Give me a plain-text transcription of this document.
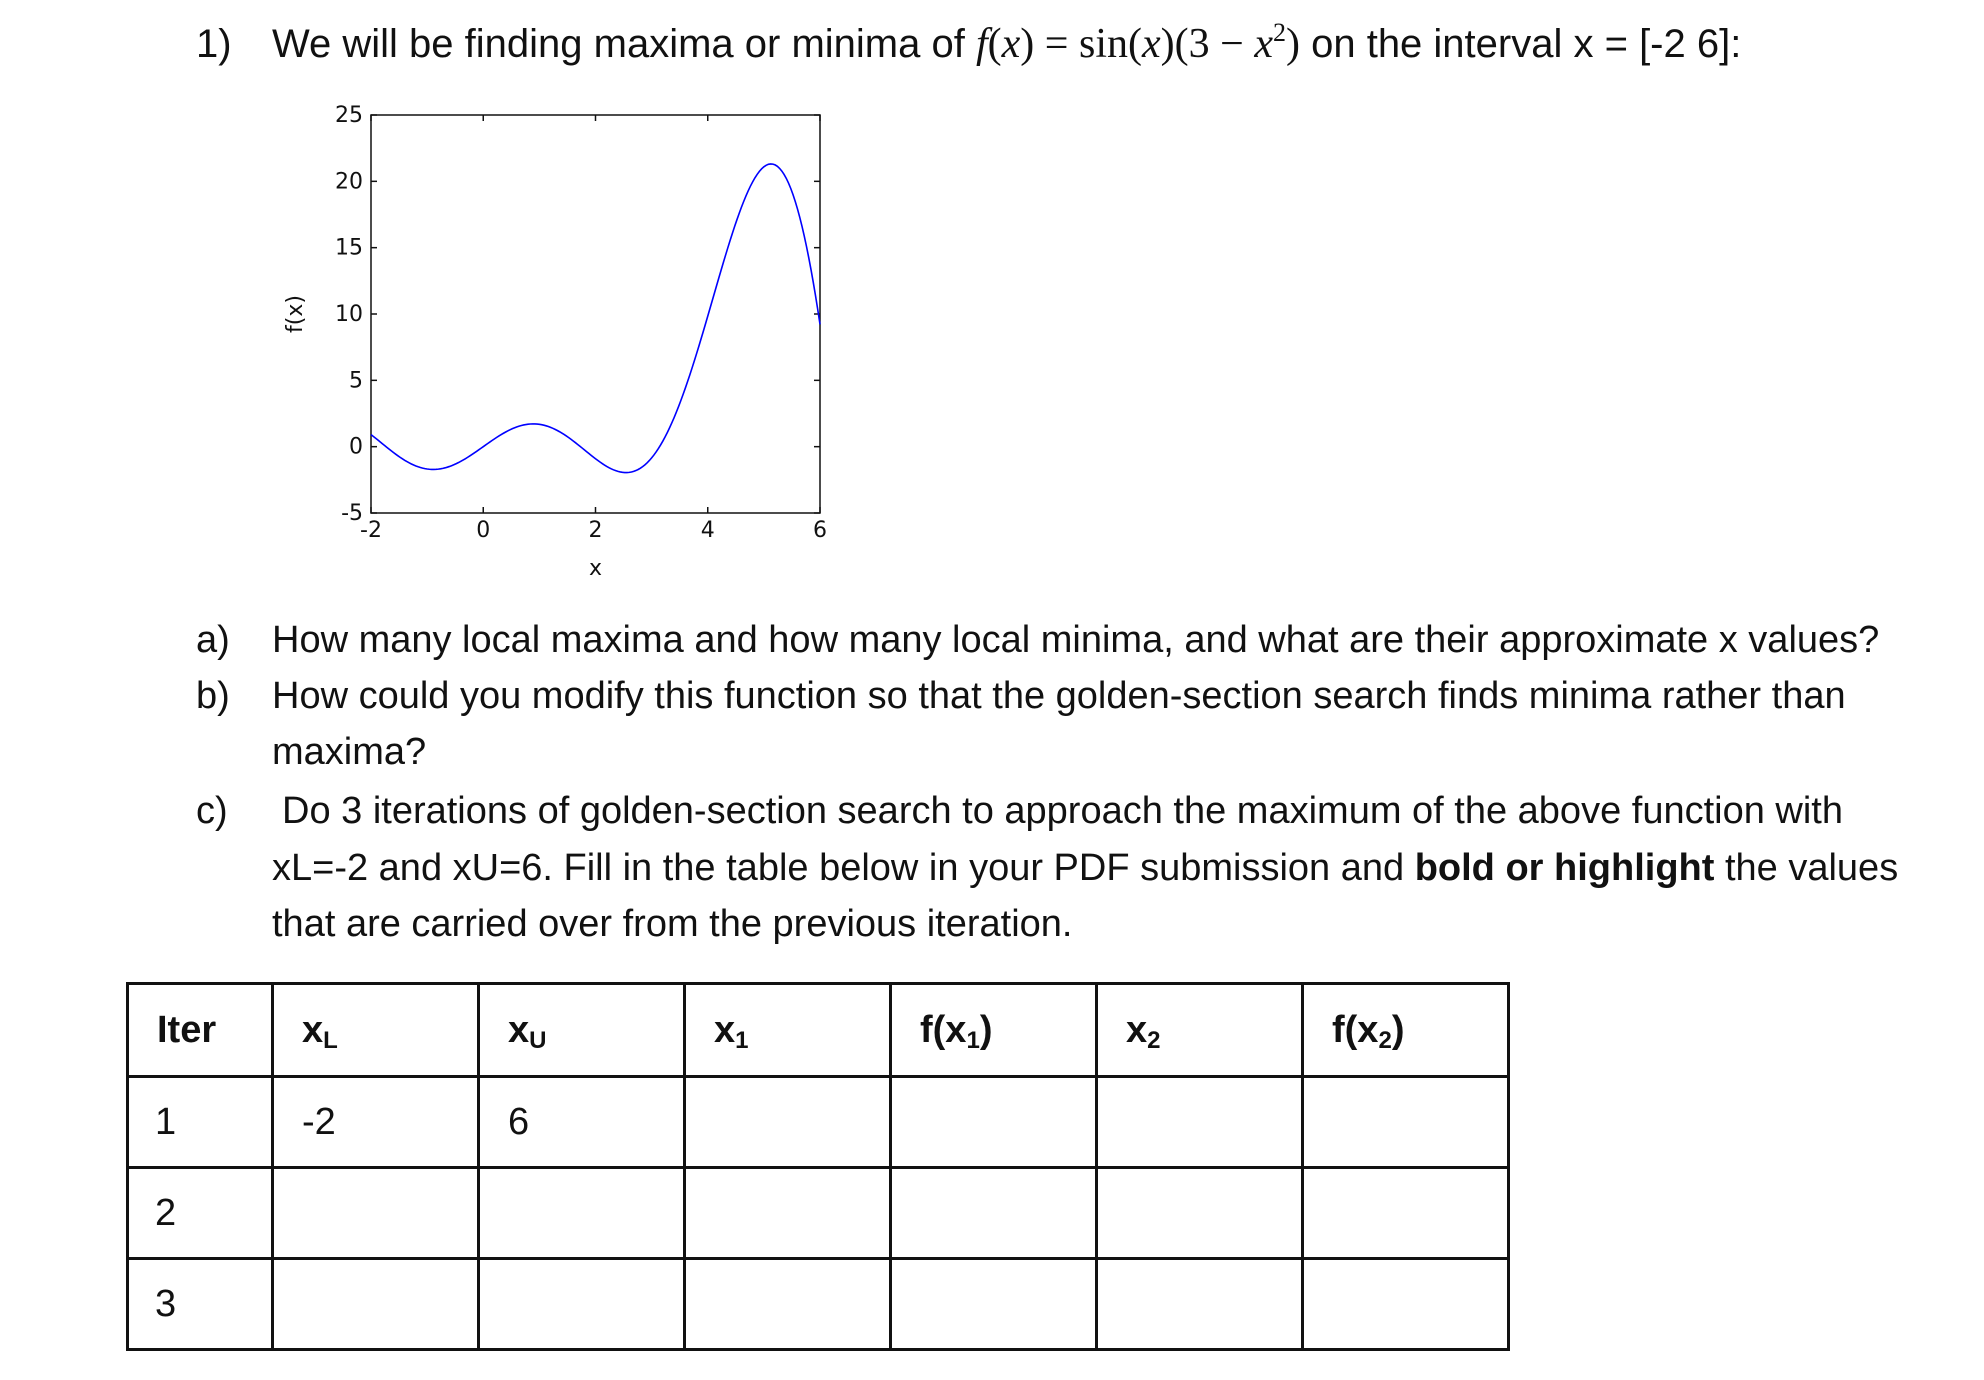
1) We will be finding maxima or minima of $f(x) = \sin(x)(3 - x^2)$ on the interval x = [-2 6]:
-2	0	2	4	6
-5
0
5
10
15
20
25
x
f(x)
a) How many local maxima and how many local minima, and what are their approximate x values?
b) How could you modify this function so that the golden-section search finds minima rather than
maxima?
c) Do 3 iterations of golden-section search to approach the maximum of the above function with
xL=-2 and xU=6. Fill in the table below in your PDF submission and bold or highlight the values
that are carried over from the previous iteration.
Iter	$x_L$	$x_U$	$x_1$	$f(x_1)$	$x_2$	$f(x_2)$
1	-2	6				
2						
3						
